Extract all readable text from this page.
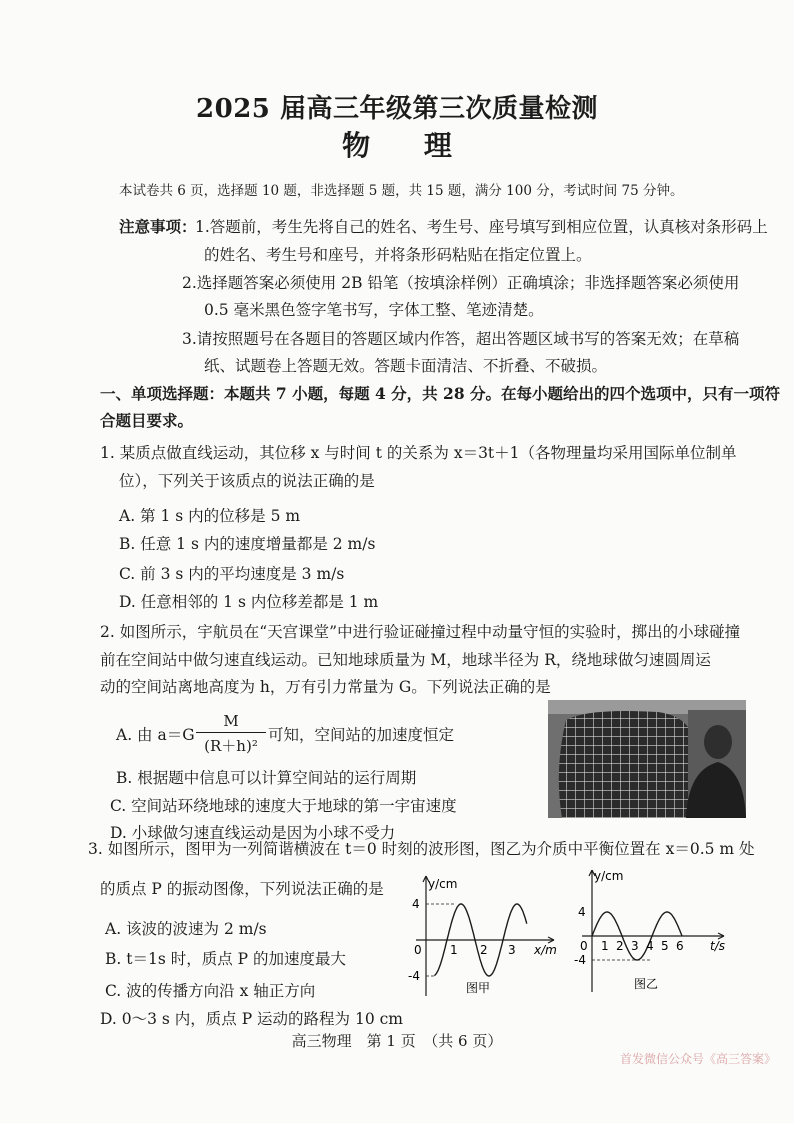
2025 届高三年级第三次质量检测
物 理
本试卷共 6 页，选择题 10 题，非选择题 5 题，共 15 题，满分 100 分，考试时间 75 分钟。
注意事项：
1.答题前，考生先将自己的姓名、考生号、座号填写到相应位置，认真核对条形码上
的姓名、考生号和座号，并将条形码粘贴在指定位置上。
2.选择题答案必须使用 2B 铅笔（按填涂样例）正确填涂；非选择题答案必须使用
0.5 毫米黑色签字笔书写，字体工整、笔迹清楚。
3.请按照题号在各题目的答题区域内作答，超出答题区域书写的答案无效；在草稿
纸、试题卷上答题无效。答题卡面清洁、不折叠、不破损。
一、单项选择题：本题共 7 小题，每题 4 分，共 28 分。在每小题给出的四个选项中，只有一项符
合题目要求。
1. 某质点做直线运动，其位移 x 与时间 t 的关系为 x＝3t＋1（各物理量均采用国际单位制单
位），下列关于该质点的说法正确的是
A. 第 1 s 内的位移是 5 m
B. 任意 1 s 内的速度增量都是 2 m/s
C. 前 3 s 内的平均速度是 3 m/s
D. 任意相邻的 1 s 内位移差都是 1 m
2. 如图所示，宇航员在“天宫课堂”中进行验证碰撞过程中动量守恒的实验时，掷出的小球碰撞
前在空间站中做匀速直线运动。已知地球质量为 M，地球半径为 R，绕地球做匀速圆周运
动的空间站离地高度为 h，万有引力常量为 G。下列说法正确的是
A. 由 a＝G
M
(R＋h)²
可知，空间站的加速度恒定
B. 根据题中信息可以计算空间站的运行周期
C. 空间站环绕地球的速度大于地球的第一宇宙速度
D. 小球做匀速直线运动是因为小球不受力
3. 如图所示，图甲为一列简谐横波在 t＝0 时刻的波形图，图乙为介质中平衡位置在 x＝0.5 m 处
的质点 P 的振动图像，下列说法正确的是
A. 该波的波速为 2 m/s
B. t＝1s 时，质点 P 的加速度最大
C. 波的传播方向沿 x 轴正方向
D. 0～3 s 内，质点 P 运动的路程为 10 cm
y/cm
x/m
4
-4
0 1 2 3
图甲
y/cm
t/s
4
-4
0 1 2 3 4 5 6
图乙
高三物理　第 1 页　（共 6 页）
首发微信公众号《高三答案》
